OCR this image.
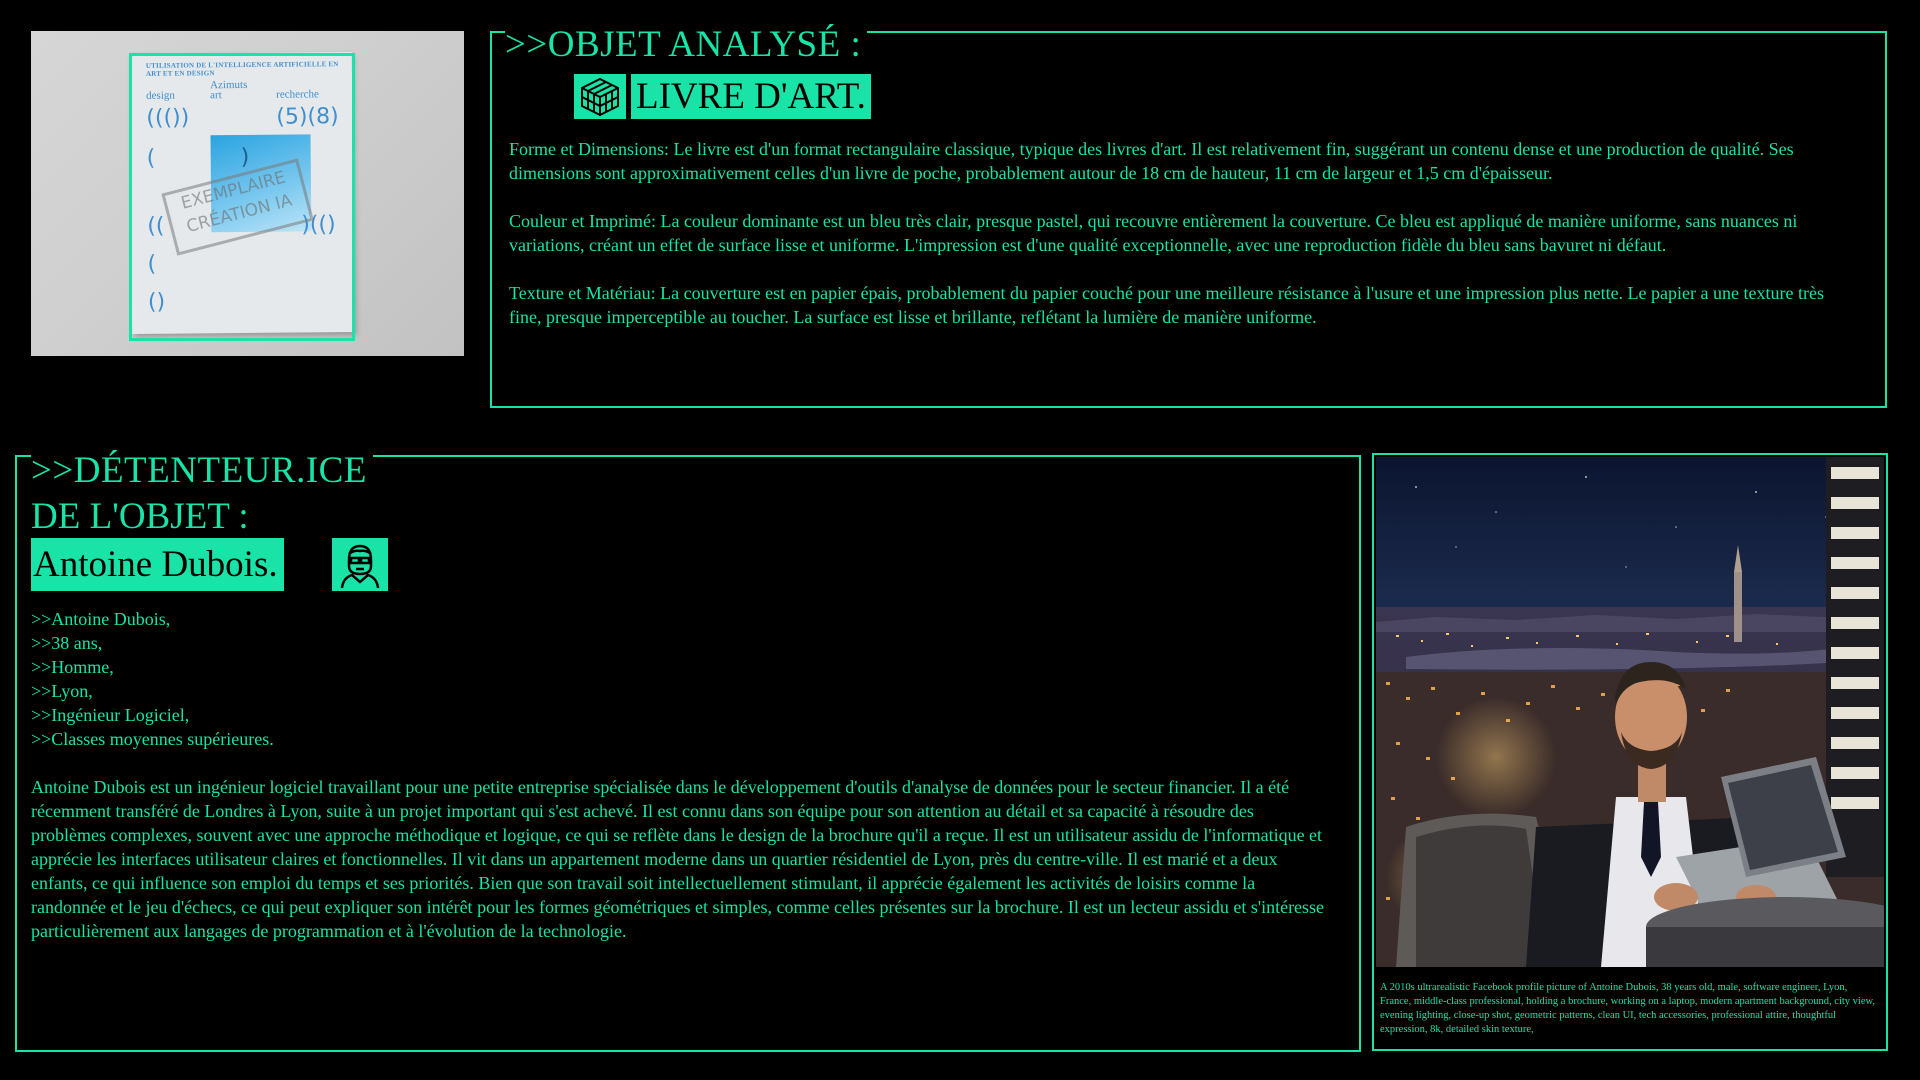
UTILISATION DE L'INTELLIGENCE ARTIFICIELLE EN ART ET EN DESIGN
Azimuts
design	art	recherche
((())	(5)(8)
(	)
((	)(()
(
()
EXEMPLAIRE CRÉATION IA
>>OBJET ANALYSÉ :
LIVRE D'ART.

Forme et Dimensions: Le livre est d'un format rectangulaire classique, typique des livres d'art. Il est relativement fin, suggérant un contenu dense et une production de qualité. Ses dimensions sont approximativement celles d'un livre de poche, probablement autour de 18 cm de hauteur, 11 cm de largeur et 1,5 cm d'épaisseur.

Couleur et Imprimé: La couleur dominante est un bleu très clair, presque pastel, qui recouvre entièrement la couverture. Ce bleu est appliqué de manière uniforme, sans nuances ni variations, créant un effet de surface lisse et uniforme. L'impression est d'une qualité exceptionnelle, avec une reproduction fidèle du bleu sans bavuret ni défaut.

Texture et Matériau: La couverture est en papier épais, probablement du papier couché pour une meilleure résistance à l'usure et une impression plus nette. Le papier a une texture très fine, presque imperceptible au toucher. La surface est lisse et brillante, reflétant la lumière de manière uniforme.

>>DÉTENTEUR.ICE
DE L'OBJET :
Antoine Dubois.
>>Antoine Dubois,
>>38 ans,
>>Homme,
>>Lyon,
>>Ingénieur Logiciel,
>>Classes moyennes supérieures.
Antoine Dubois est un ingénieur logiciel travaillant pour une petite entreprise spécialisée dans le développement d'outils d'analyse de données pour le secteur financier. Il a été récemment transféré de Londres à Lyon, suite à un projet important qui s'est achevé. Il est connu dans son équipe pour son attention au détail et sa capacité à résoudre des problèmes complexes, souvent avec une approche méthodique et logique, ce qui se reflète dans le design de la brochure qu'il a reçue. Il est un utilisateur assidu de l'informatique et apprécie les interfaces utilisateur claires et fonctionnelles. Il vit dans un appartement moderne dans un quartier résidentiel de Lyon, près du centre-ville. Il est marié et a deux enfants, ce qui influence son emploi du temps et ses priorités. Bien que son travail soit intellectuellement stimulant, il apprécie également les activités de loisirs comme la randonnée et le jeu d'échecs, ce qui peut expliquer son intérêt pour les formes géométriques et simples, comme celles présentes sur la brochure. Il est un lecteur assidu et s'intéresse particulièrement aux langages de programmation et à l'évolution de la technologie.
A 2010s ultrarealistic Facebook profile picture of Antoine Dubois, 38 years old, male, software engineer, Lyon, France, middle-class professional, holding a brochure, working on a laptop, modern apartment background, city view, evening lighting, close-up shot, geometric patterns, clean UI, tech accessories, professional attire, thoughtful expression, 8k, detailed skin texture,
